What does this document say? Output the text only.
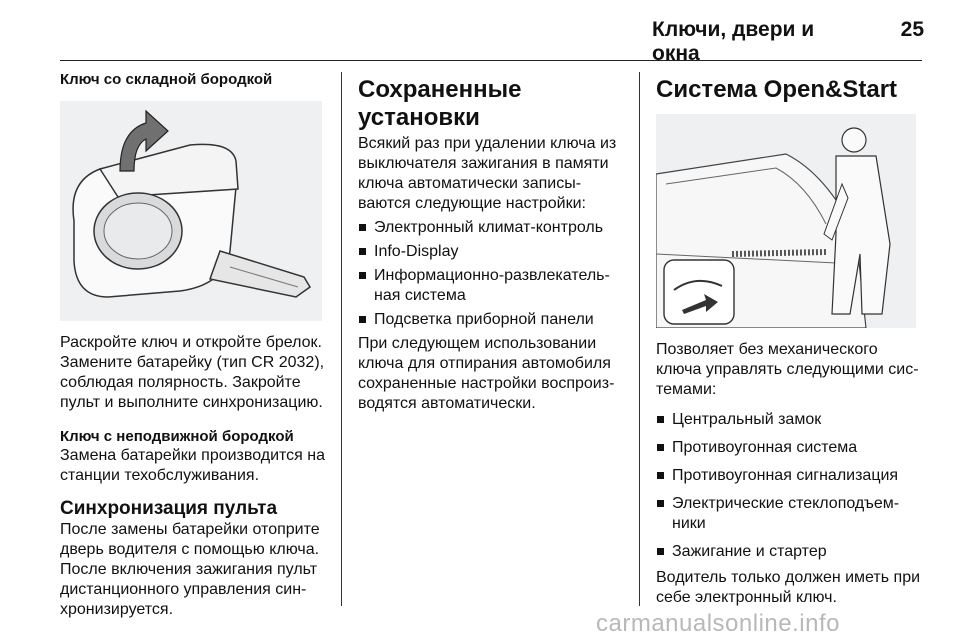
Ключи, двери и окна
25
Ключ со складной бородкой

Раскройте ключ и откройте брелок. Замените батарейку (тип CR 2032), соблюдая полярность. Закройте пульт и выполните синхронизацию.

Ключ с неподвижной бородкой

Замена батарейки производится на станции техобслуживания.

Синхронизация пульта

После замены батарейки отоприте дверь водителя с помощью ключа. После включения зажигания пульт дистанционного управления синхронизируется.

Сохраненные установки

Всякий раз при удалении ключа из выключателя зажигания в памяти ключа автоматически записываются следующие настройки:

Электронный климат-контроль
Info-Display
Информационно-развлекательная система
Подсветка приборной панели

При следующем использовании ключа для отпирания автомобиля сохраненные настройки воспроизводятся автоматически.

Система Open&Start

Позволяет без механического ключа управлять следующими системами:

Центральный замок
Противоугонная система
Противоугонная сигнализация
Электрические стеклоподъемники
Зажигание и стартер

Водитель только должен иметь при себе электронный ключ.

carmanualsonline.info
